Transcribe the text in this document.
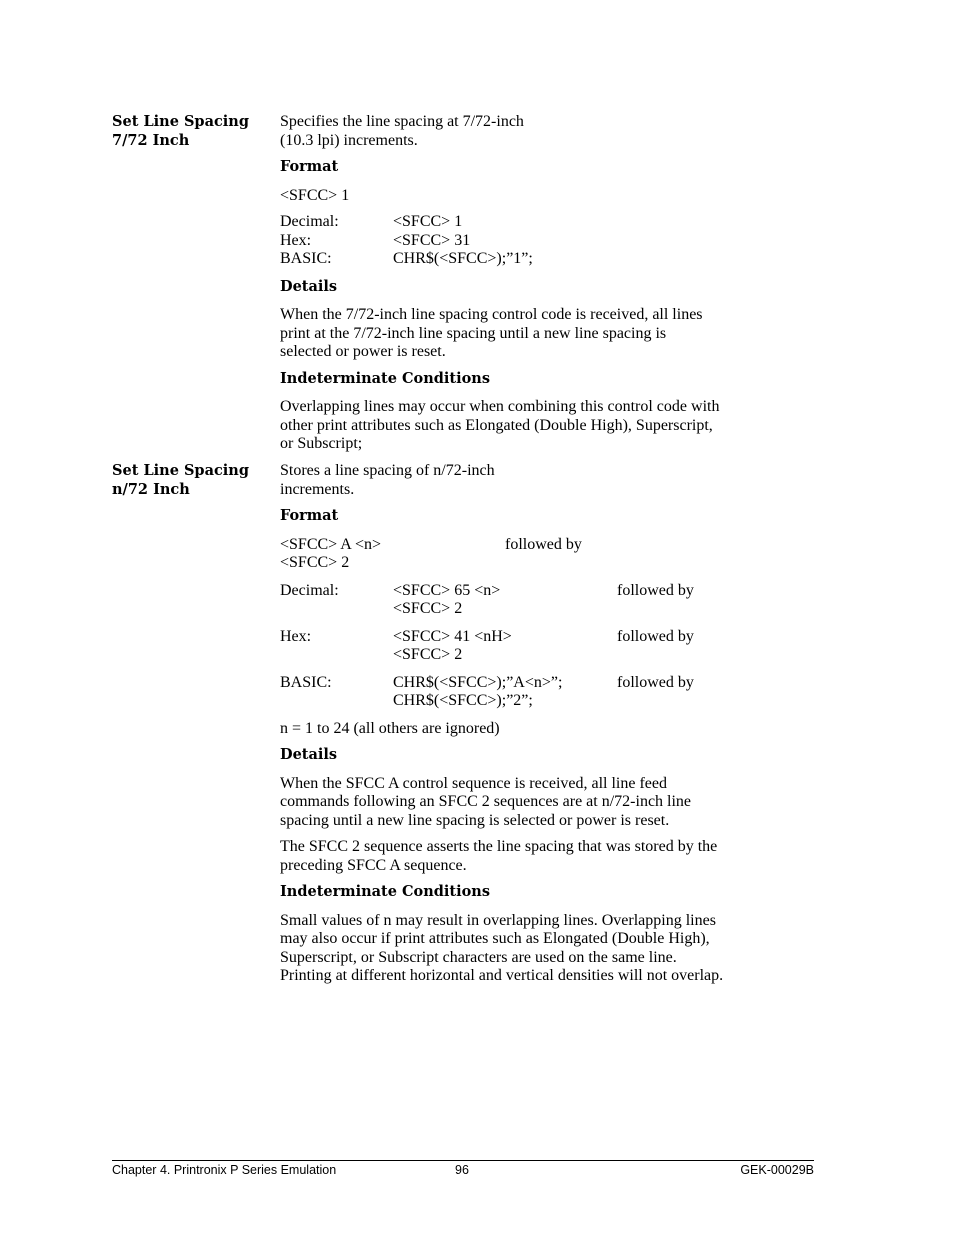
Set Line Spacing
7/72 Inch

Specifies the line spacing at 7/72-inch

(10.3 lpi) increments.

Format

<SFCC> 1

Decimal:	<SFCC> 1
Hex:	<SFCC> 31
BASIC:	CHR$(<SFCC>);”1”;

Details

When the 7/72-inch line spacing control code is received, all lines

print at the 7/72-inch line spacing until a new line spacing is

selected or power is reset.

Indeterminate Conditions

Overlapping lines may occur when combining this control code with

other print attributes such as Elongated (Double High), Superscript,

or Subscript;

Set Line Spacing
n/72 Inch

Stores a line spacing of n/72-inch

increments.

Format

<SFCC> A <n>	followed by
<SFCC> 2
Decimal:	<SFCC> 65 <n>	followed by
<SFCC> 2
Hex:	<SFCC> 41 <nH>	followed by
<SFCC> 2
BASIC:	CHR$(<SFCC>);”A<n>”;	followed by
CHR$(<SFCC>);”2”;

n = 1 to 24 (all others are ignored)

Details

When the SFCC A control sequence is received, all line feed

commands following an SFCC 2 sequences are at n/72-inch line

spacing until a new line spacing is selected or power is reset.

The SFCC 2 sequence asserts the line spacing that was stored by the

preceding SFCC A sequence.

Indeterminate Conditions

Small values of n may result in overlapping lines. Overlapping lines

may also occur if print attributes such as Elongated (Double High),

Superscript, or Subscript characters are used on the same line.

Printing at different horizontal and vertical densities will not overlap.

Chapter 4. Printronix P Series Emulation	96	GEK-00029B
